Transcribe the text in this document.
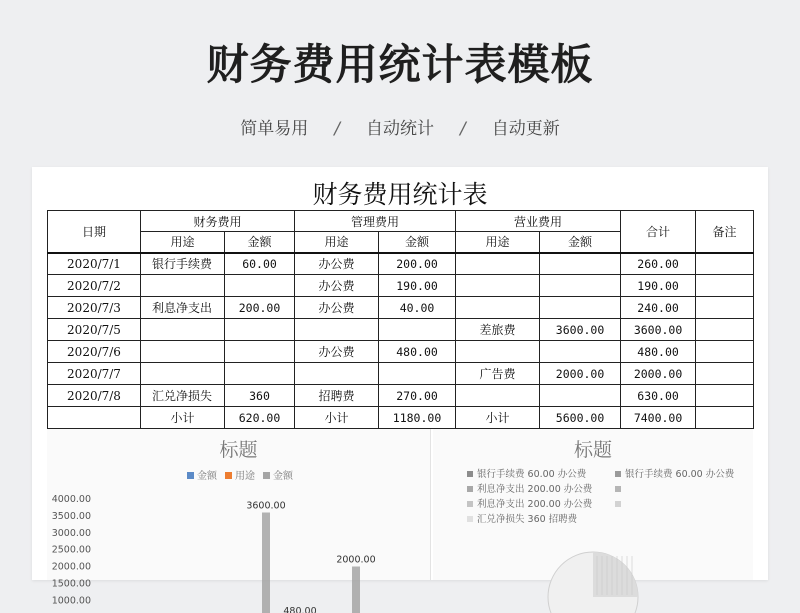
财务费用统计表模板
简单易用 / 自动统计 / 自动更新
财务费用统计表
日期	财务费用		管理费用		营业费用		合计	备注
	用途	金额	用途	金额	用途	金额		
2020/7/1	银行手续费	60.00	办公费	200.00			260.00	
2020/7/2			办公费	190.00			190.00	
2020/7/3	利息净支出	200.00	办公费	40.00			240.00	
2020/7/5					差旅费	3600.00	3600.00	
2020/7/6			办公费	480.00			480.00	
2020/7/7					广告费	2000.00	2000.00	
2020/7/8	汇兑净损失	360	招聘费	270.00			630.00	
	小计	620.00	小计	1180.00	小计	5600.00	7400.00	
标题
金额 用途 金额
4000.00
3500.00
3000.00
2500.00
2000.00
1500.00
1000.00
3600.00
480.00
2000.00
标题
银行手续费 60.00 办公费	银行手续费 60.00 办公费
利息净支出 200.00 办公费
利息净支出 200.00 办公费
汇兑净损失 360 招聘费
